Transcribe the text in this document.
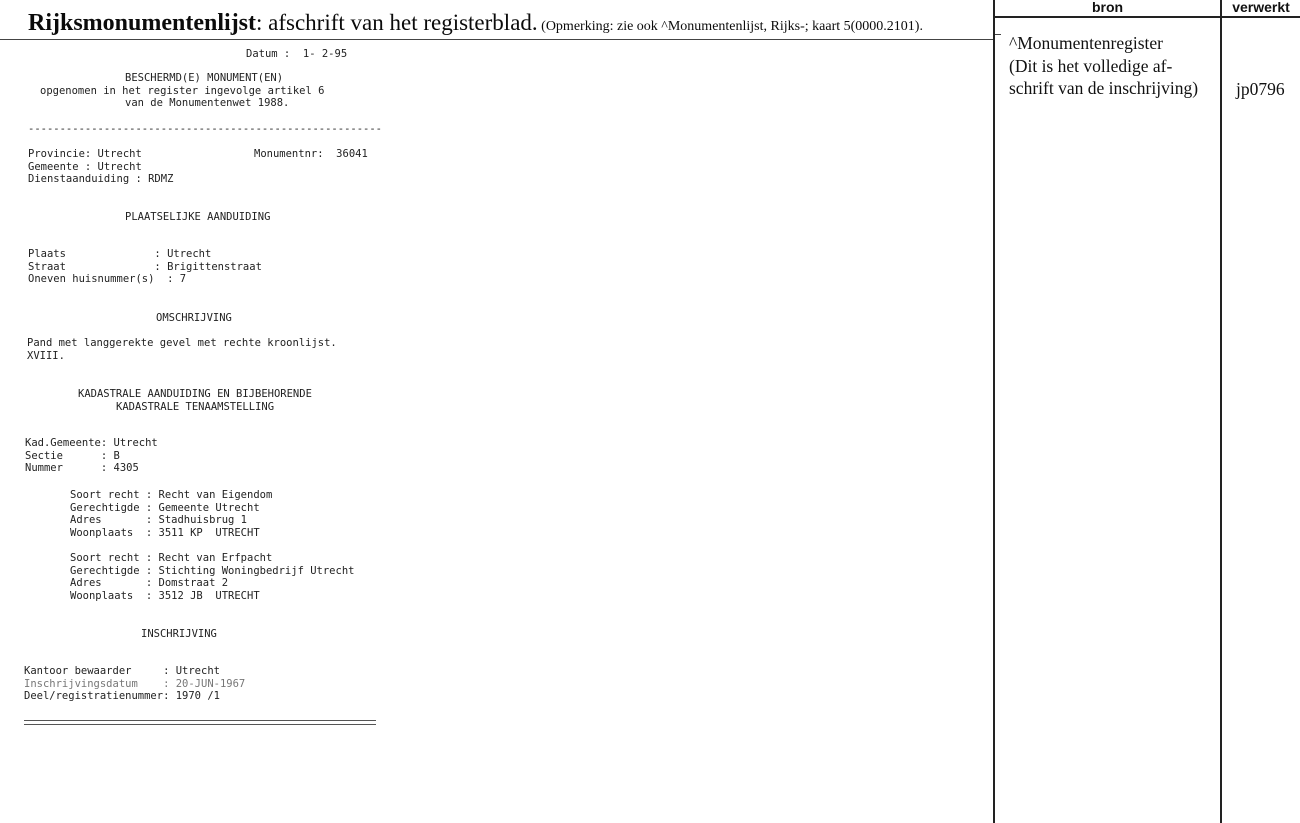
Rijksmonumentenlijst: afschrift van het registerblad. (Opmerking: zie ook ^Monumentenlijst, Rijks-; kaart 5(0000.2101).
bron	verwerkt
^Monumentenregister
(Dit is het volledige af-
schrift van de inschrijving)	jp0796
Datum :  1- 2-95
BESCHERMD(E) MONUMENT(EN)
opgenomen in het register ingevolge artikel 6
van de Monumentenwet 1988.
--------------------------------------------------------
Provincie: Utrecht	Monumentnr:  36041
Gemeente : Utrecht
Dienstaanduiding : RDMZ
PLAATSELIJKE AANDUIDING
Plaats              : Utrecht
Straat              : Brigittenstraat
Oneven huisnummer(s)  : 7
OMSCHRIJVING
Pand met langgerekte gevel met rechte kroonlijst.
XVIII.
KADASTRALE AANDUIDING EN BIJBEHORENDE
KADASTRALE TENAAMSTELLING
Kad.Gemeente: Utrecht
Sectie      : B
Nummer      : 4305
Soort recht : Recht van Eigendom
Gerechtigde : Gemeente Utrecht
Adres       : Stadhuisbrug 1
Woonplaats  : 3511 KP  UTRECHT
Soort recht : Recht van Erfpacht
Gerechtigde : Stichting Woningbedrijf Utrecht
Adres       : Domstraat 2
Woonplaats  : 3512 JB  UTRECHT
INSCHRIJVING
Kantoor bewaarder     : Utrecht
Inschrijvingsdatum    : 20-JUN-1967
Deel/registratienummer: 1970 /1
